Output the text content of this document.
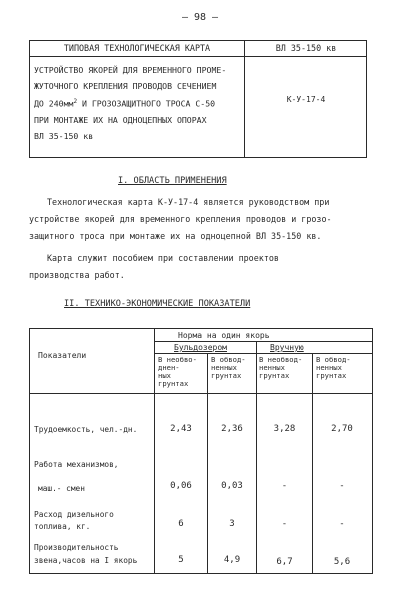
– 98 –
ТИПОВАЯ ТЕХНОЛОГИЧЕСКАЯ КАРТА	ВЛ 35-150 кв
УСТРОЙСТВО ЯКОРЕЙ ДЛЯ ВРЕМЕННОГО ПРОМЕ-
ЖУТОЧНОГО КРЕПЛЕНИЯ ПРОВОДОВ СЕЧЕНИЕМ
ДО $240мм^2$ И ГРОЗОЗАЩИТНОГО ТРОСА С-50
ПРИ МОНТАЖЕ ИХ НА ОДНОЦЕПНЫХ ОПОРАХ
ВЛ 35-150 кв
К-У-17-4
I. ОБЛАСТЬ ПРИМЕНЕНИЯ
Технологическая карта К-У-17-4 является руководством при
устройстве якорей для временного крепления проводов и грозо-
защитного троса при монтаже их на одноцепной ВЛ 35-150 кв.
Карта служит пособием при составлении проектов
производства работ.
II. ТЕХНИКО-ЭКОНОМИЧЕСКИЕ ПОКАЗАТЕЛИ
Показатели
Норма на один якорь
Бульдозером	Вручную
В необво-
днен-
ных
грунтах
В обвод-
ненных
грунтах
В необвод-
ненных
грунтах
В обвод-
ненных
грунтах
Трудоемкость, чел.-дн.	2,43	2,36	3,28	2,70
Работа механизмов,
маш.- смен	0,06	0,03	-	-
Расход дизельного
топлива, кг.	6	3	-	-
Производительность
звена,часов на I якорь	5	4,9	6,7	5,6
